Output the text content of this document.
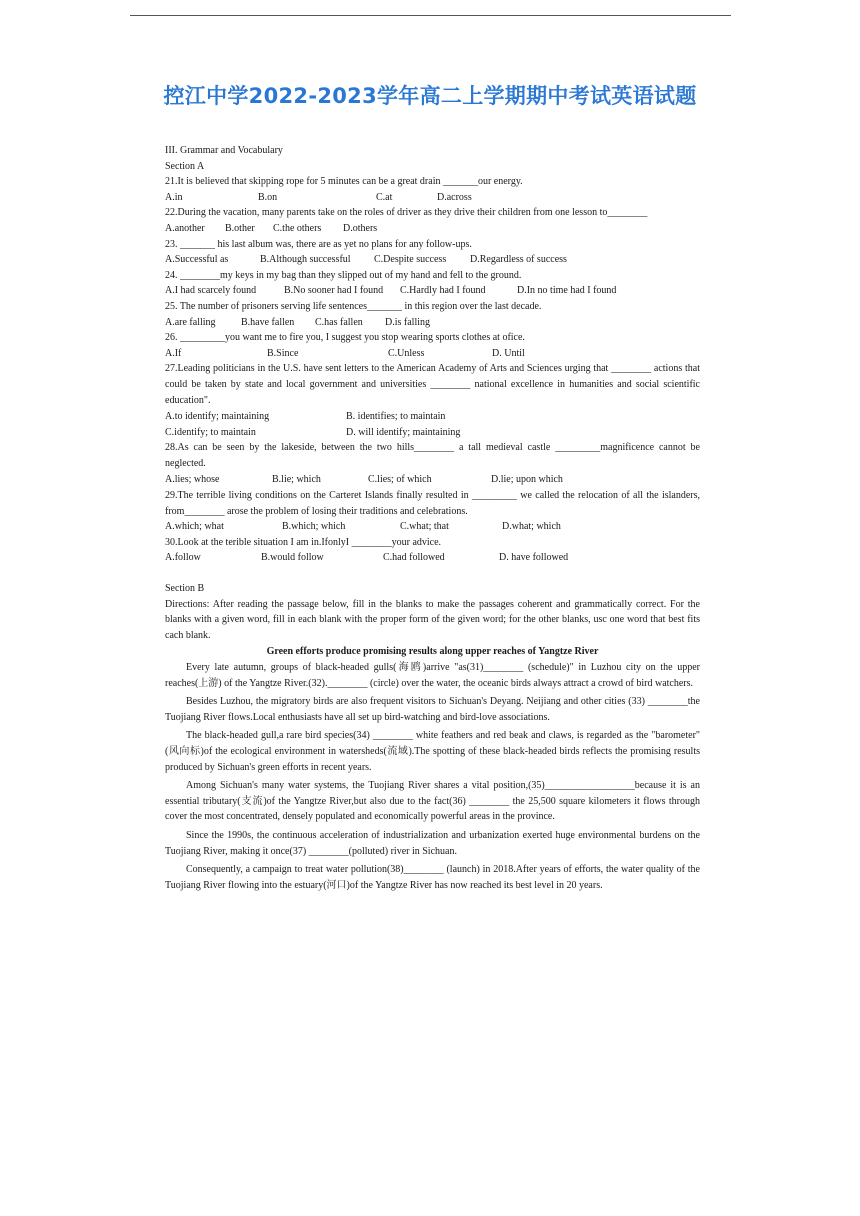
控江中学2022-2023学年高二上学期期中考试英语试题

III. Grammar and Vocabulary

Section A

21.It is believed that skipping rope for 5 minutes can be a great drain _______our energy.

A.in	B.on	C.at	D.across

22.During the vacation, many parents take on the roles of driver as they drive their children from one lesson to________

A.another	B.other	C.the others	D.others

23. _______ his last album was, there are as yet no plans for any follow-ups.

A.Successful as	B.Although successful	C.Despite success	D.Regardless of success

24. ________my keys in my bag than they slipped out of my hand and fell to the ground.

A.I had scarcely found	B.No sooner had I found	C.Hardly had I found	D.In no time had I found

25. The number of prisoners serving life sentences_______ in this region over the last decade.

A.are falling	B.have fallen	C.has fallen	D.is falling

26. _________you want me to fire you, I suggest you stop wearing sports clothes at ofice.

A.If	B.Since	C.Unless	D. Until

27.Leading politicians in the U.S. have sent letters to the American Academy of Arts and Sciences urging that ________ actions that could be taken by state and local government and universities ________ national excellence in humanities and social scientific education".

A.to identify; maintaining	B. identifies; to maintain
C.identify; to maintain	D. will identify; maintaining

28.As can be seen by the lakeside, between the two hills________ a tall medieval castle _________magnificence cannot be neglected.

A.lies; whose	B.lie; which	C.lies; of which	D.lie; upon which

29.The terrible living conditions on the Carteret Islands finally resulted in _________ we called the relocation of all the islanders, from________ arose the problem of losing their traditions and celebrations.

A.which; what	B.which; which	C.what; that	D.what; which

30.Look at the terible situation I am in.IfonlyI ________your advice.

A.follow	B.would follow	C.had followed	D. have followed

Section B

Directions: After reading the passage below, fill in the blanks to make the passages coherent and grammatically correct. For the blanks with a given word, fill in each blank with the proper form of the given word; for the other blanks, usc one word that best fits cach blank.

Green efforts produce promising results along upper reaches of Yangtze River

Every late autumn, groups of black-headed gulls(海鸥)arrive "as(31)________ (schedule)" in Luzhou city on the upper reaches(上游) of the Yangtze River.(32).________ (circle) over the water, the oceanic birds always attract a crowd of bird watchers.

Besides Luzhou, the migratory birds are also frequent visitors to Sichuan's Deyang. Neijiang and other cities (33) ________the Tuojiang River flows.Local enthusiasts have all set up bird-watching and bird-love associations.

The black-headed gull,a rare bird species(34) ________ white feathers and red beak and claws, is regarded as the "barometer"(风向标)of the ecological environment in watersheds(流域).The spotting of these black-headed birds reflects the promising results produced by Sichuan's green efforts in recent years.

Among Sichuan's many water systems, the Tuojiang River shares a vital position,(35)__________________because it is an essential tributary(支流)of the Yangtze River,but also due to the fact(36) ________ the 25,500 square kilometers it flows through cover the most concentrated, densely populated and economically powerful areas in the province.

Since the 1990s, the continuous acceleration of industrialization and urbanization exerted huge environmental burdens on the Tuojiang River, making it once(37) ________(polluted) river in Sichuan.

Consequently, a campaign to treat water pollution(38)________ (launch) in 2018.After years of efforts, the water quality of the Tuojiang River flowing into the estuary(河口)of the Yangtze River has now reached its best level in 20 years.
